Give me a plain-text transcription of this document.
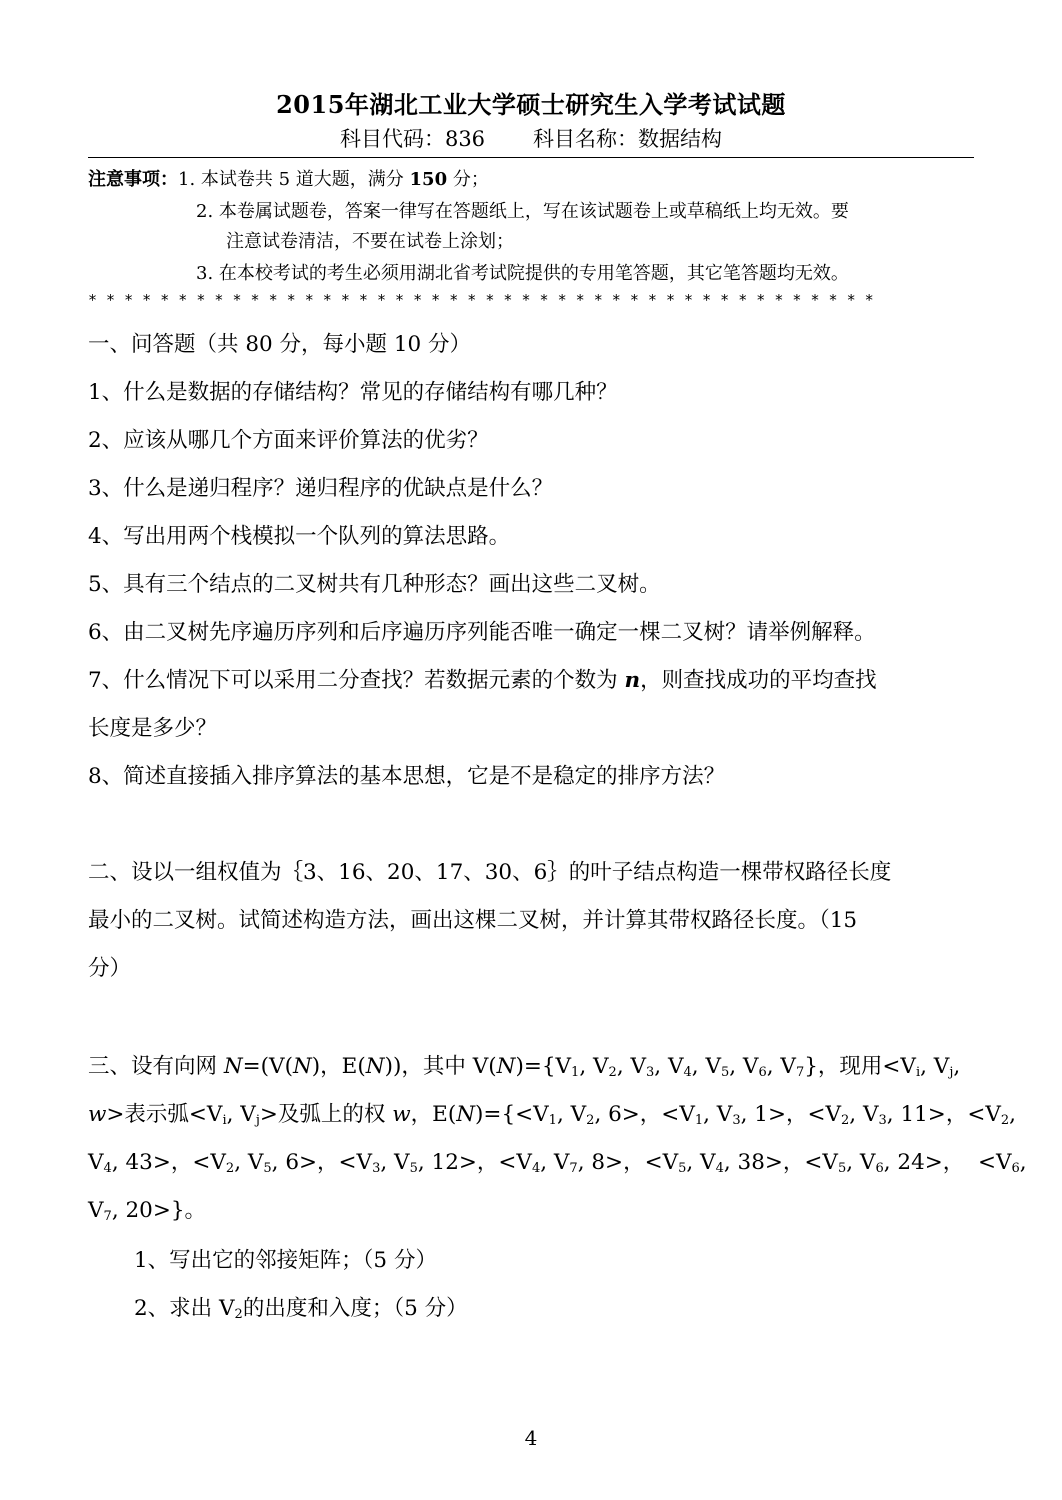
2015年湖北工业大学硕士研究生入学考试试题
科目代码：836 科目名称：数据结构
注意事项：1. 本试卷共 5 道大题，满分 150 分；
2. 本卷属试题卷，答案一律写在答题纸上，写在该试题卷上或草稿纸上均无效。要
注意试卷清洁，不要在试卷上涂划；
3. 在本校考试的考生必须用湖北省考试院提供的专用笔答题，其它笔答题均无效。
* * * * * * * * * * * * * * * * * * * * * * * * * * * * * * * * * * * * * * * * * * * *
一、问答题（共 80 分，每小题 10 分）
1、什么是数据的存储结构？常见的存储结构有哪几种？
2、应该从哪几个方面来评价算法的优劣？
3、什么是递归程序？递归程序的优缺点是什么？
4、写出用两个栈模拟一个队列的算法思路。
5、具有三个结点的二叉树共有几种形态？画出这些二叉树。
6、由二叉树先序遍历序列和后序遍历序列能否唯一确定一棵二叉树？请举例解释。
7、什么情况下可以采用二分查找？若数据元素的个数为 n，则查找成功的平均查找
长度是多少？
8、简述直接插入排序算法的基本思想，它是不是稳定的排序方法？
二、设以一组权值为｛3、16、20、17、30、6｝的叶子结点构造一棵带权路径长度
最小的二叉树。试简述构造方法，画出这棵二叉树，并计算其带权路径长度。（15
分）
三、设有向网 N=(V(N)，E(N))，其中 $V(N)=\{V_1$, $V_2$, $V_3$, $V_4$, $V_5$, $V_6$, $V_7$}，现用$<V_i$, $V_j$,
w>表示弧$<V_i$, $V_j>$及弧上的权 w，$E(N)=\{<V_1$, $V_2$, 6>，$<V_1$, $V_3$, 1>，$<V_2$, $V_3$, 11>，$<V_2$,
$V_4$, 43>，$<V_2$, $V_5$, 6>，$<V_3$, $V_5$, 12>，$<V_4$, $V_7$, 8>，$<V_5$, $V_4$, 38>，$<V_5$, $V_6$, 24>，  $<V_6$,
$V_7$, 20>}。
1、写出它的邻接矩阵；（5 分）
2、求出 $V_2$的出度和入度；（5 分）
4
